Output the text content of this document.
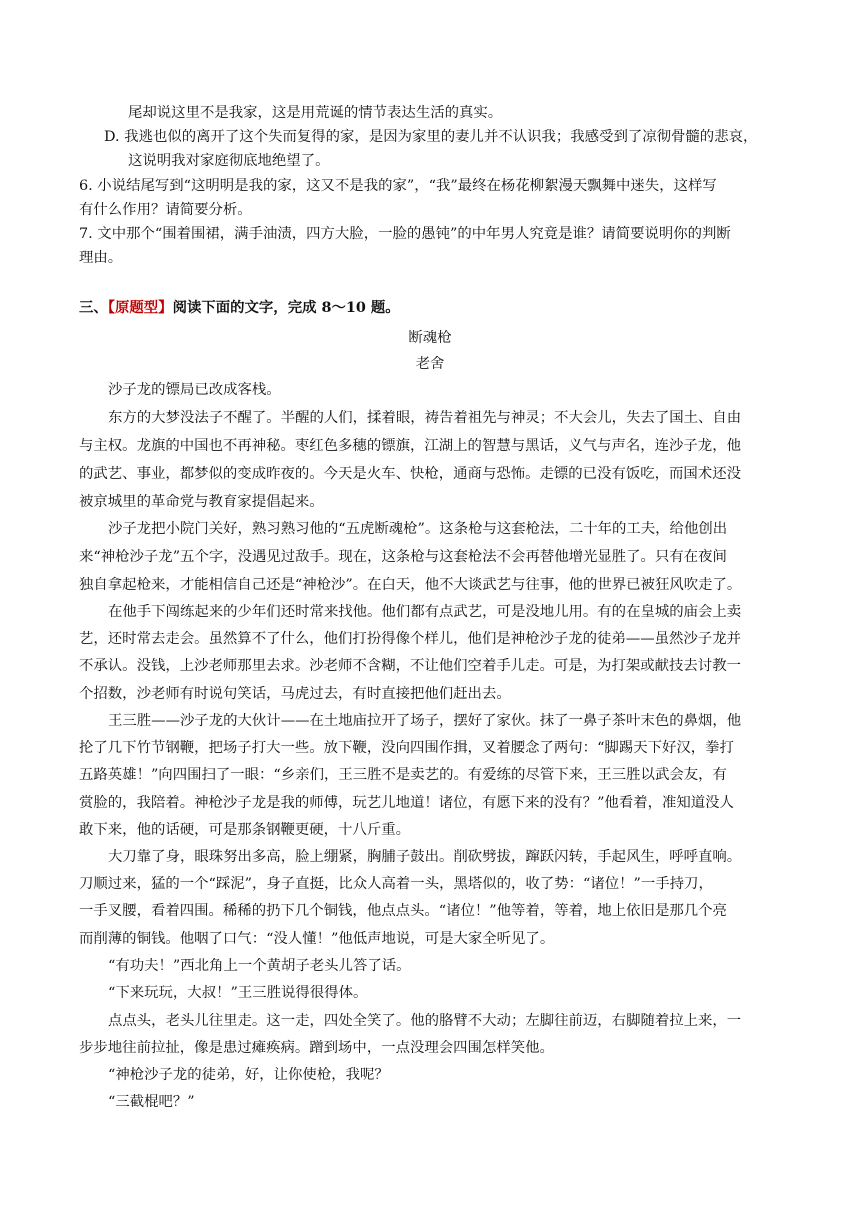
尾却说这里不是我家，这是用荒诞的情节表达生活的真实。
D. 我逃也似的离开了这个失而复得的家，是因为家里的妻儿并不认识我；我感受到了凉彻骨髓的悲哀，
这说明我对家庭彻底地绝望了。
6. 小说结尾写到“这明明是我的家，这又不是我的家”，“我”最终在杨花柳絮漫天飘舞中迷失，这样写
有什么作用？请简要分析。
7. 文中那个“围着围裙，满手油渍，四方大脸，一脸的愚钝”的中年男人究竟是谁？请简要说明你的判断
理由。
三、【原题型】阅读下面的文字，完成 8～10 题。
断魂枪
老舍
沙子龙的镖局已改成客栈。
东方的大梦没法子不醒了。半醒的人们，揉着眼，祷告着祖先与神灵；不大会儿，失去了国土、自由
与主权。龙旗的中国也不再神秘。枣红色多穗的镖旗，江湖上的智慧与黑话，义气与声名，连沙子龙，他
的武艺、事业，都梦似的变成昨夜的。今天是火车、快枪，通商与恐怖。走镖的已没有饭吃，而国术还没
被京城里的革命党与教育家提倡起来。
沙子龙把小院门关好，熟习熟习他的“五虎断魂枪”。这条枪与这套枪法，二十年的工夫，给他创出
来“神枪沙子龙”五个字，没遇见过敌手。现在，这条枪与这套枪法不会再替他增光显胜了。只有在夜间
独自拿起枪来，才能相信自己还是“神枪沙”。在白天，他不大谈武艺与往事，他的世界已被狂风吹走了。
在他手下闯练起来的少年们还时常来找他。他们都有点武艺，可是没地儿用。有的在皇城的庙会上卖
艺，还时常去走会。虽然算不了什么，他们打扮得像个样儿，他们是神枪沙子龙的徒弟——虽然沙子龙并
不承认。没钱，上沙老师那里去求。沙老师不含糊，不让他们空着手儿走。可是，为打架或献技去讨教一
个招数，沙老师有时说句笑话，马虎过去，有时直接把他们赶出去。
王三胜——沙子龙的大伙计——在土地庙拉开了场子，摆好了家伙。抹了一鼻子茶叶末色的鼻烟，他
抡了几下竹节钢鞭，把场子打大一些。放下鞭，没向四围作揖，叉着腰念了两句：“脚踢天下好汉，拳打
五路英雄！”向四围扫了一眼：“乡亲们，王三胜不是卖艺的。有爱练的尽管下来，王三胜以武会友，有
赏脸的，我陪着。神枪沙子龙是我的师傅，玩艺儿地道！诸位，有愿下来的没有？”他看着，准知道没人
敢下来，他的话硬，可是那条钢鞭更硬，十八斤重。
大刀靠了身，眼珠努出多高，脸上绷紧，胸脯子鼓出。削砍劈拔，蹿跃闪转，手起风生，呼呼直响。
刀顺过来，猛的一个“踩泥”，身子直挺，比众人高着一头，黑塔似的，收了势：“诸位！”一手持刀，
一手叉腰，看着四围。稀稀的扔下几个铜钱，他点点头。“诸位！”他等着，等着，地上依旧是那几个亮
而削薄的铜钱。他咽了口气：“没人懂！”他低声地说，可是大家全听见了。
“有功夫！”西北角上一个黄胡子老头儿答了话。
“下来玩玩，大叔！”王三胜说得很得体。
点点头，老头儿往里走。这一走，四处全笑了。他的胳臂不大动；左脚往前迈，右脚随着拉上来，一
步步地往前拉扯，像是患过瘫痪病。蹭到场中，一点没理会四围怎样笑他。
“神枪沙子龙的徒弟，好，让你使枪，我呢？
“三截棍吧？”
